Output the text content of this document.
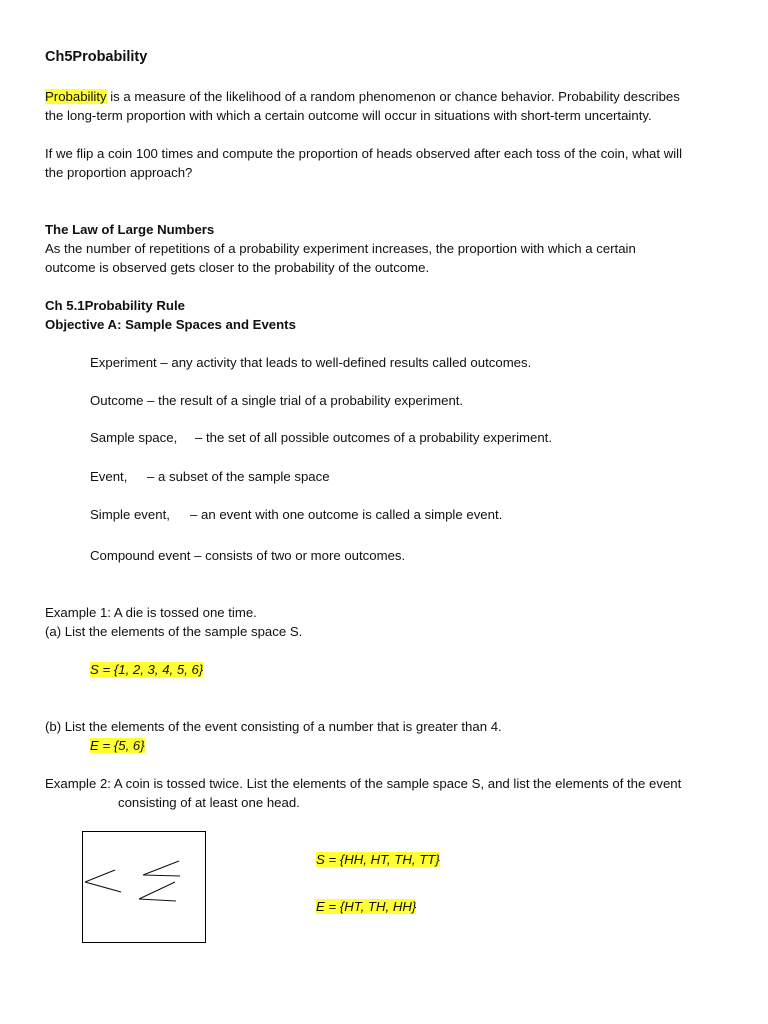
Ch5Probability
Probability is a measure of the likelihood of a random phenomenon or chance behavior. Probability describes
the long-term proportion with which a certain outcome will occur in situations with short-term uncertainty.
If we flip a coin 100 times and compute the proportion of heads observed after each toss of the coin, what will
the proportion approach?
The Law of Large Numbers
As the number of repetitions of a probability experiment increases, the proportion with which a certain
outcome is observed gets closer to the probability of the outcome.
Ch 5.1Probability Rule
Objective A: Sample Spaces and Events
Experiment – any activity that leads to well-defined results called outcomes.
Outcome – the result of a single trial of a probability experiment.
Sample space, – the set of all possible outcomes of a probability experiment.
Event, – a subset of the sample space
Simple event, – an event with one outcome is called a simple event.
Compound event – consists of two or more outcomes.
Example 1: A die is tossed one time.
(a) List the elements of the sample space S.
S = {1, 2, 3, 4, 5, 6}
(b) List the elements of the event consisting of a number that is greater than 4.
E = {5, 6}
Example 2: A coin is tossed twice. List the elements of the sample space S, and list the elements of the event
consisting of at least one head.
S = {HH, HT, TH, TT}
E = {HT, TH, HH}
